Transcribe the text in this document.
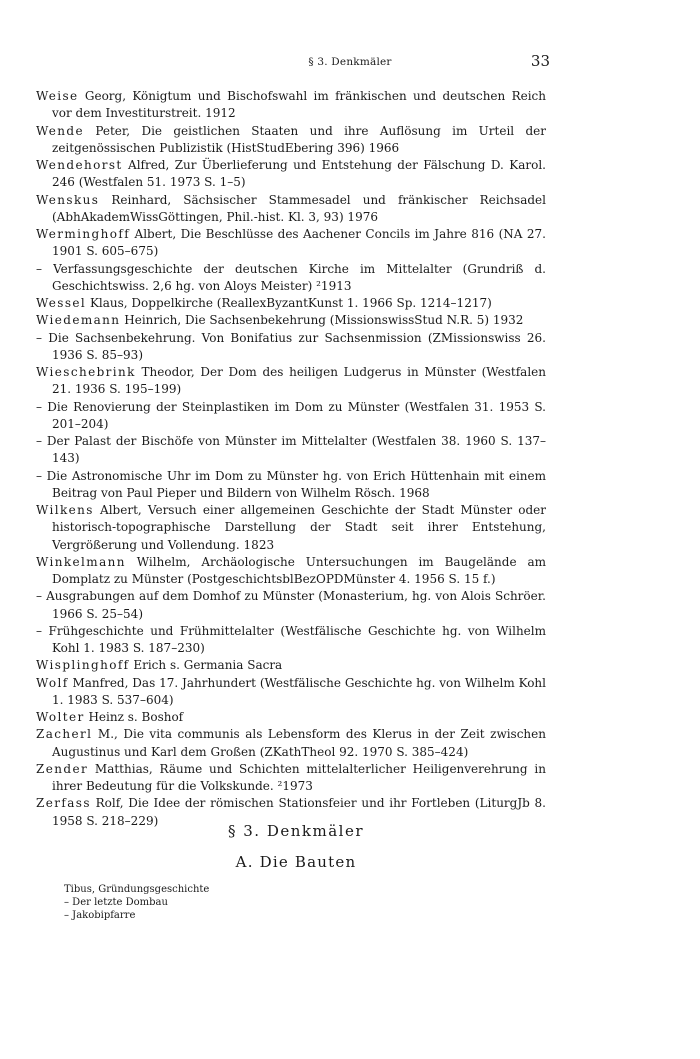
§ 3. Denkmäler	33
Weise Georg, Königtum und Bischofswahl im fränkischen und deutschen Reich vor dem Investiturstreit. 1912
Wende Peter, Die geistlichen Staaten und ihre Auflösung im Urteil der zeitgenössischen Publizistik (HistStudEbering 396) 1966
Wendehorst Alfred, Zur Überlieferung und Entstehung der Fälschung D. Karol. 246 (Westfalen 51. 1973 S. 1–5)
Wenskus Reinhard, Sächsischer Stammesadel und fränkischer Reichsadel (AbhAkademWissGöttingen, Phil.-hist. Kl. 3, 93) 1976
Werminghoff Albert, Die Beschlüsse des Aachener Concils im Jahre 816 (NA 27. 1901 S. 605–675)
– Verfassungsgeschichte der deutschen Kirche im Mittelalter (Grundriß d. Geschichtswiss. 2,6 hg. von Aloys Meister) ²1913
Wessel Klaus, Doppelkirche (ReallexByzantKunst 1. 1966 Sp. 1214–1217)
Wiedemann Heinrich, Die Sachsenbekehrung (MissionswissStud N.R. 5) 1932
– Die Sachsenbekehrung. Von Bonifatius zur Sachsenmission (ZMissionswiss 26. 1936 S. 85–93)
Wieschebrink Theodor, Der Dom des heiligen Ludgerus in Münster (Westfalen 21. 1936 S. 195–199)
– Die Renovierung der Steinplastiken im Dom zu Münster (Westfalen 31. 1953 S. 201–204)
– Der Palast der Bischöfe von Münster im Mittelalter (Westfalen 38. 1960 S. 137–143)
– Die Astronomische Uhr im Dom zu Münster hg. von Erich Hüttenhain mit einem Beitrag von Paul Pieper und Bildern von Wilhelm Rösch. 1968
Wilkens Albert, Versuch einer allgemeinen Geschichte der Stadt Münster oder historisch-topographische Darstellung der Stadt seit ihrer Entstehung, Vergrößerung und Vollendung. 1823
Winkelmann Wilhelm, Archäologische Untersuchungen im Baugelände am Domplatz zu Münster (PostgeschichtsblBezOPDMünster 4. 1956 S. 15 f.)
– Ausgrabungen auf dem Domhof zu Münster (Monasterium, hg. von Alois Schröer. 1966 S. 25–54)
– Frühgeschichte und Frühmittelalter (Westfälische Geschichte hg. von Wilhelm Kohl 1. 1983 S. 187–230)
Wisplinghoff Erich s. Germania Sacra
Wolf Manfred, Das 17. Jahrhundert (Westfälische Geschichte hg. von Wilhelm Kohl 1. 1983 S. 537–604)
Wolter Heinz s. Boshof
Zacherl M., Die vita communis als Lebensform des Klerus in der Zeit zwischen Augustinus und Karl dem Großen (ZKathTheol 92. 1970 S. 385–424)
Zender Matthias, Räume und Schichten mittelalterlicher Heiligenverehrung in ihrer Bedeutung für die Volkskunde. ²1973
Zerfass Rolf, Die Idee der römischen Stationsfeier und ihr Fortleben (LiturgJb 8. 1958 S. 218–229)
§ 3. Denkmäler
A. Die Bauten
Tibus, Gründungsgeschichte
– Der letzte Dombau
– Jakobipfarre
